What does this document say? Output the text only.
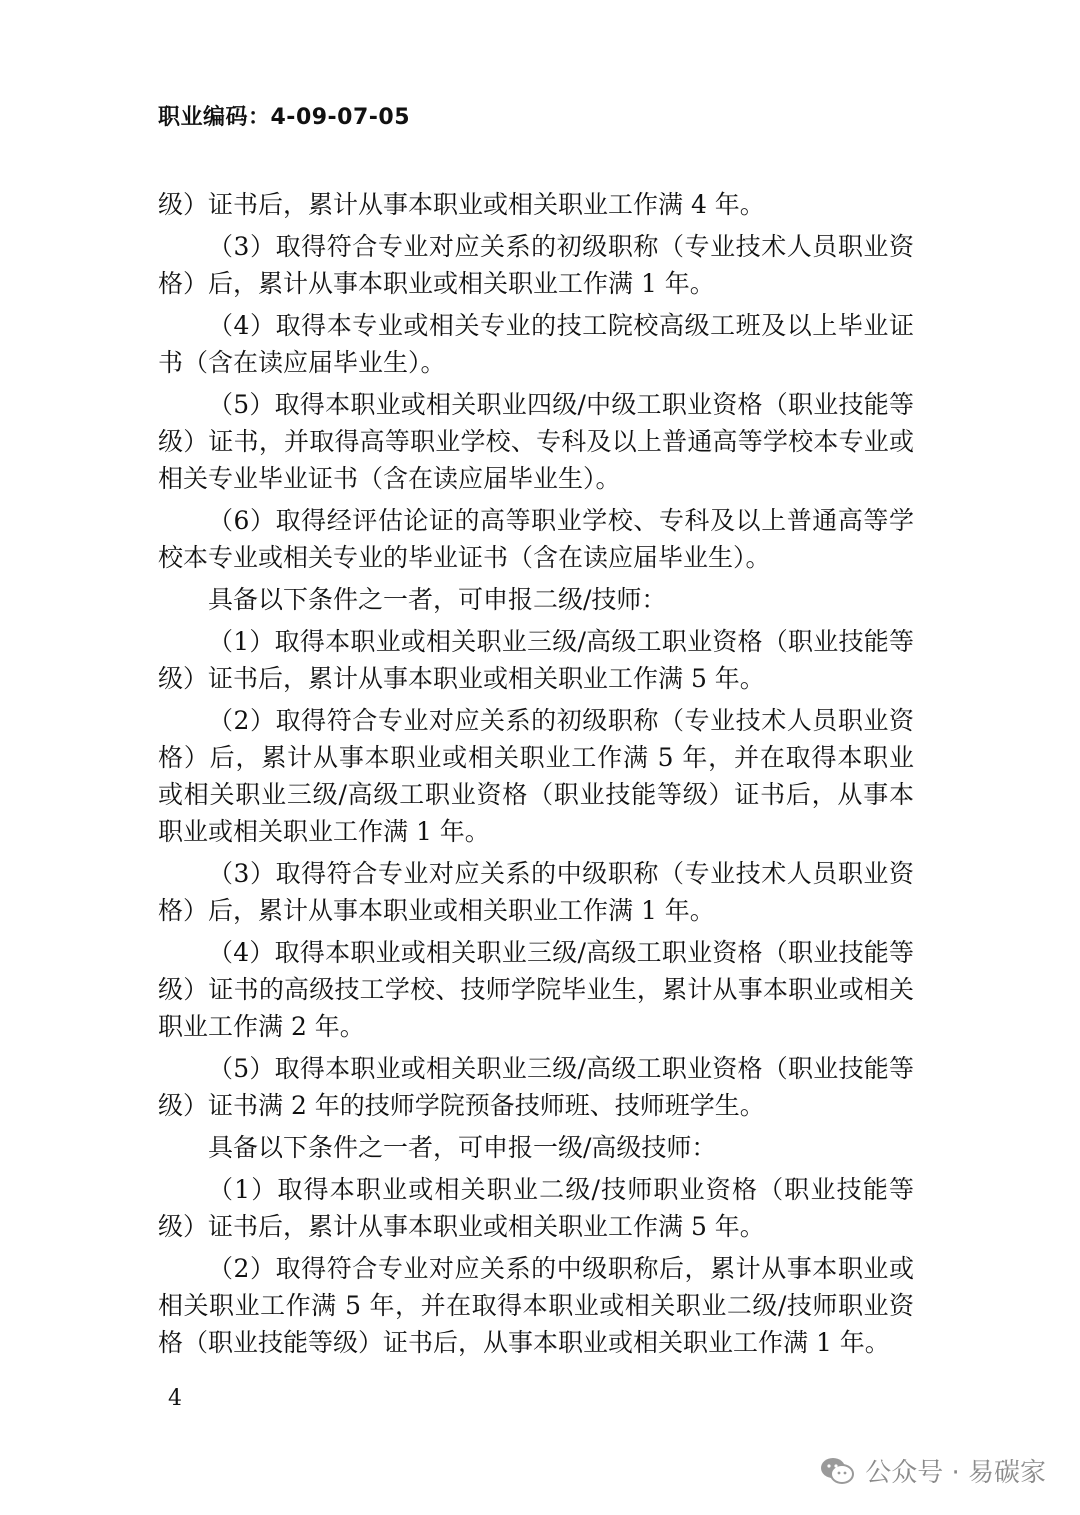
职业编码：4-09-07-05

级）证书后，累计从事本职业或相关职业工作满 4 年。

（3）取得符合专业对应关系的初级职称（专业技术人员职业资格）后，累计从事本职业或相关职业工作满 1 年。

（4）取得本专业或相关专业的技工院校高级工班及以上毕业证书（含在读应届毕业生）。

（5）取得本职业或相关职业四级/中级工职业资格（职业技能等级）证书，并取得高等职业学校、专科及以上普通高等学校本专业或相关专业毕业证书（含在读应届毕业生）。

（6）取得经评估论证的高等职业学校、专科及以上普通高等学校本专业或相关专业的毕业证书（含在读应届毕业生）。

具备以下条件之一者，可申报二级/技师：

（1）取得本职业或相关职业三级/高级工职业资格（职业技能等级）证书后，累计从事本职业或相关职业工作满 5 年。

（2）取得符合专业对应关系的初级职称（专业技术人员职业资格）后，累计从事本职业或相关职业工作满 5 年，并在取得本职业或相关职业三级/高级工职业资格（职业技能等级）证书后，从事本职业或相关职业工作满 1 年。

（3）取得符合专业对应关系的中级职称（专业技术人员职业资格）后，累计从事本职业或相关职业工作满 1 年。

（4）取得本职业或相关职业三级/高级工职业资格（职业技能等级）证书的高级技工学校、技师学院毕业生，累计从事本职业或相关职业工作满 2 年。

（5）取得本职业或相关职业三级/高级工职业资格（职业技能等级）证书满 2 年的技师学院预备技师班、技师班学生。

具备以下条件之一者，可申报一级/高级技师：

（1）取得本职业或相关职业二级/技师职业资格（职业技能等级）证书后，累计从事本职业或相关职业工作满 5 年。

（2）取得符合专业对应关系的中级职称后，累计从事本职业或相关职业工作满 5 年，并在取得本职业或相关职业二级/技师职业资格（职业技能等级）证书后，从事本职业或相关职业工作满 1 年。

4
公众号 · 易碳家
